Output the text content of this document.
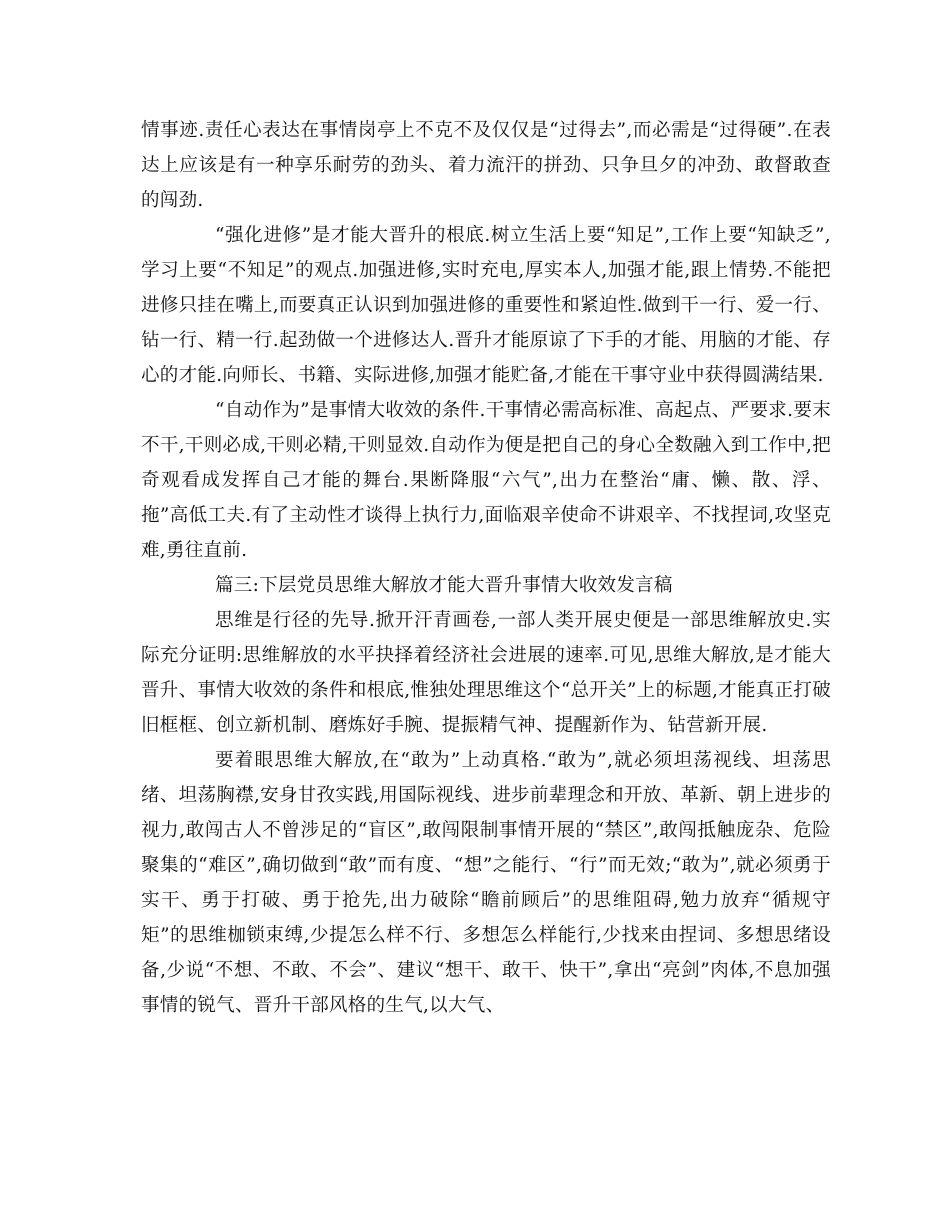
情事迹.责任心表达在事情岗亭上不克不及仅仅是“过得去”,而必需是“过得硬”.在表达上应该是有一种享乐耐劳的劲头、着力流汗的拼劲、只争旦夕的冲劲、敢督敢查的闯劲.

“强化进修”是才能大晋升的根底.树立生活上要“知足”,工作上要“知缺乏”,学习上要“不知足”的观点.加强进修,实时充电,厚实本人,加强才能,跟上情势.不能把进修只挂在嘴上,而要真正认识到加强进修的重要性和紧迫性.做到干一行、爱一行、钻一行、精一行.起劲做一个进修达人.晋升才能原谅了下手的才能、用脑的才能、存心的才能.向师长、书籍、实际进修,加强才能贮备,才能在干事守业中获得圆满结果.

“自动作为”是事情大收效的条件.干事情必需高标准、高起点、严要求.要末不干,干则必成,干则必精,干则显效.自动作为便是把自己的身心全数融入到工作中,把奇观看成发挥自己才能的舞台.果断降服“六气”,出力在整治“庸、懒、散、浮、拖”高低工夫.有了主动性才谈得上执行力,面临艰辛使命不讲艰辛、不找捏词,攻坚克难,勇往直前.

篇三:下层党员思维大解放才能大晋升事情大收效发言稿

思维是行径的先导.掀开汗青画卷,一部人类开展史便是一部思维解放史.实际充分证明:思维解放的水平抉择着经济社会进展的速率.可见,思维大解放,是才能大晋升、事情大收效的条件和根底,惟独处理思维这个“总开关”上的标题,才能真正打破旧框框、创立新机制、磨炼好手腕、提振精气神、提醒新作为、钻营新开展.

要着眼思维大解放,在“敢为”上动真格.“敢为”,就必须坦荡视线、坦荡思绪、坦荡胸襟,安身甘孜实践,用国际视线、进步前辈理念和开放、革新、朝上进步的视力,敢闯古人不曾涉足的“盲区”,敢闯限制事情开展的“禁区”,敢闯抵触庞杂、危险聚集的“难区”,确切做到“敢”而有度、“想”之能行、“行”而无效;“敢为”,就必须勇于实干、勇于打破、勇于抢先,出力破除“瞻前顾后”的思维阻碍,勉力放弃“循规守矩”的思维枷锁束缚,少提怎么样不行、多想怎么样能行,少找来由捏词、多想思绪设备,少说“不想、不敢、不会”、建议“想干、敢干、快干”,拿出“亮剑”肉体,不息加强事情的锐气、晋升干部风格的生气,以大气、
